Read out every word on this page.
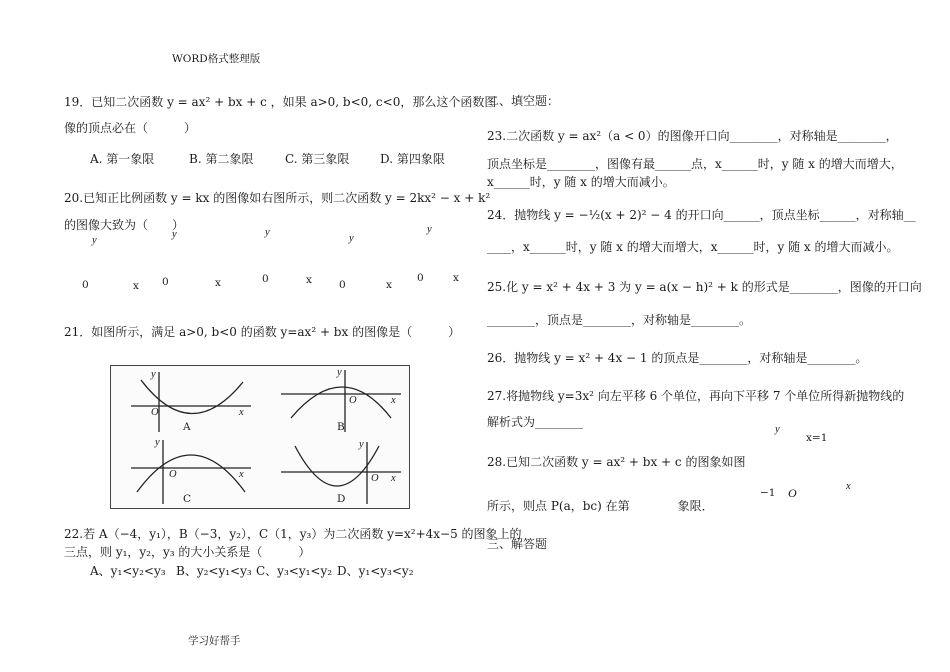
WORD格式整理版
学习好帮手
19．已知二次函数 y = ax² + bx + c ，如果 a>0, b<0, c<0，那么这个函数图
像的顶点必在（　　　）
A. 第一象限	B. 第二象限	C. 第三象限	D. 第四象限
20.已知正比例函数 y = kx 的图像如右图所示，则二次函数 y = 2kx² − x + k²
的图像大致为（　　）
y
y	y
y
y
0	x 0	x	0	x	0	x
0	x
21．如图所示，满足 a>0, b<0 的函数 y=ax² + bx 的图像是（　　　）
y
x
O
A
y
x
O
B
y
x
O
C
y
x
O
D
22.若 A（−4，y₁），B（−3，y₂），C（1，y₃）为二次函数 y=x²+4x−5 的图象上的
三点，则 y₁，y₂，y₃ 的大小关系是（　　　）
A、y₁<y₂<y₃ B、y₂<y₁<y₃ C、y₃<y₁<y₂ D、y₁<y₃<y₂
二、填空题：
23.二次函数 y = ax²（a < 0）的图像开口向________，对称轴是________，
顶点坐标是________，图像有最______点，x______时，y 随 x 的增大而增大，
x______时，y 随 x 的增大而减小。
24．抛物线 y = −½(x + 2)² − 4 的开口向______，顶点坐标______，对称轴__
____，x______时，y 随 x 的增大而增大，x______时，y 随 x 的增大而减小。
25.化 y = x² + 4x + 3 为 y = a(x − h)² + k 的形式是________，图像的开口向
________，顶点是________，对称轴是________。
26．抛物线 y = x² + 4x − 1 的顶点是________，对称轴是________。
27.将抛物线 y=3x² 向左平移 6 个单位，再向下平移 7 个单位所得新抛物线的
解析式为________
y
x=1
28.已知二次函数 y = ax² + bx + c 的图象如图
−1 O	x
所示，则点 P(a，bc) 在第　　　　象限．
三、解答题
